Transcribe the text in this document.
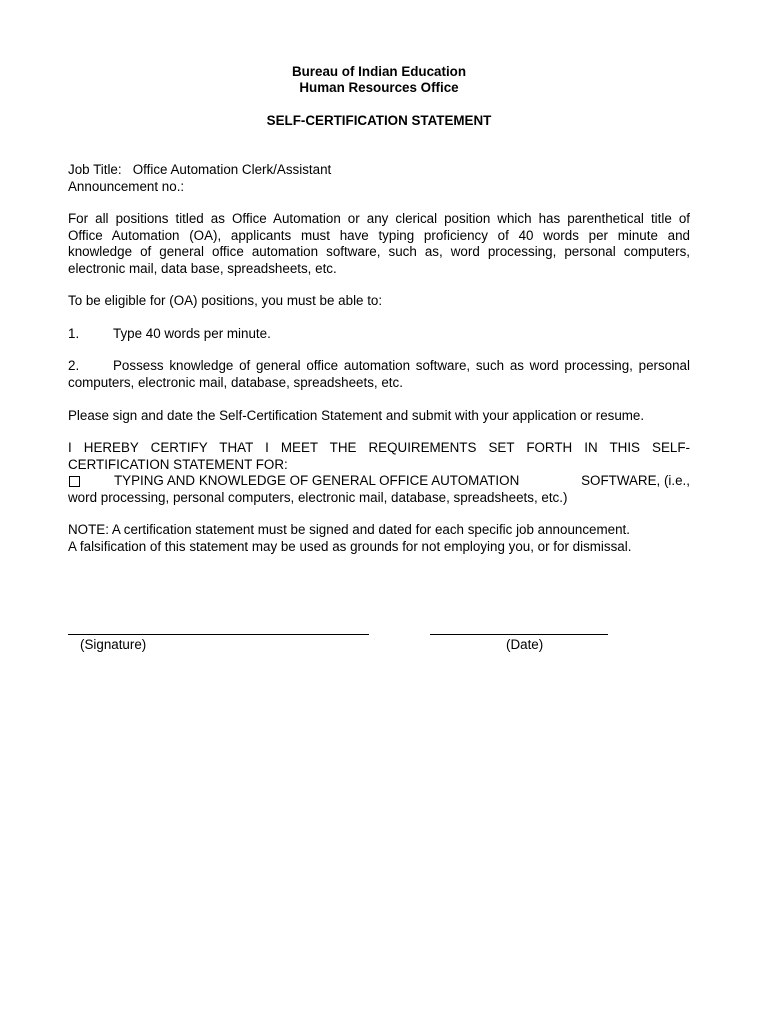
Bureau of Indian Education
Human Resources Office
SELF-CERTIFICATION STATEMENT
Job Title: Office Automation Clerk/Assistant
Announcement no.:
For all positions titled as Office Automation or any clerical position which has parenthetical title of
Office Automation (OA), applicants must have typing proficiency of 40 words per minute and
knowledge of general office automation software, such as, word processing, personal computers,
electronic mail, data base, spreadsheets, etc.
To be eligible for (OA) positions, you must be able to:
1.	Type 40 words per minute.
2.	Possess knowledge of general office automation software, such as word processing, personal
computers, electronic mail, database, spreadsheets, etc.
Please sign and date the Self-Certification Statement and submit with your application or resume.
I HEREBY CERTIFY THAT I MEET THE REQUIREMENTS SET FORTH IN THIS SELF-
CERTIFICATION STATEMENT FOR:
TYPING AND KNOWLEDGE OF GENERAL OFFICE AUTOMATION	SOFTWARE, (i.e.,
word processing, personal computers, electronic mail, database, spreadsheets, etc.)
NOTE: A certification statement must be signed and dated for each specific job announcement.
A falsification of this statement may be used as grounds for not employing you, or for dismissal.
(Signature)	(Date)
